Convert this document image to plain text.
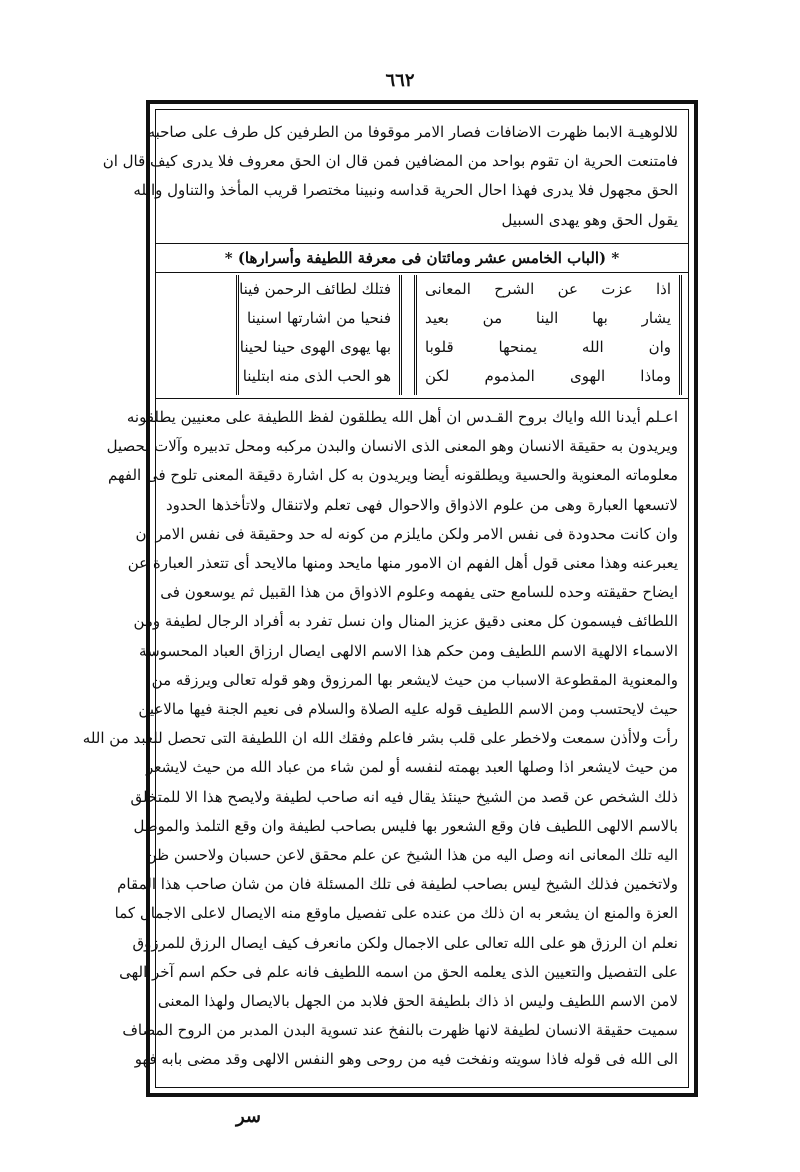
٦٦٢
للالوهيـة الابما ظهرت الاضافات فصار الامر موقوفا من الطرفين كل طرف على صاحبه
فامتنعت الحرية ان تقوم بواحد من المضافين فمن قال ان الحق معروف فلا يدرى كيف قال ان
الحق مجهول فلا يدرى فهذا احال الحرية قداسه ونبينا مختصرا قريب المأخذ والتناول والله
يقول الحق وهو يهدى السبيل
* (الباب الخامس عشر ومائتان فى معرفة اللطيفة وأسرارها) *
اذا عزت عن الشرح المعانى
يشار بها الينا من بعيد
وان الله يمنحها قلوبا
وماذا الهوى المذموم لكن
فتلك لطائف الرحمن فينا
فنحيا من اشارتها اسنينا
بها يهوى الهوى حينا لحينا
هو الحب الذى منه ابتلينا
اعـلم أيدنا الله واياك بروح القـدس ان أهل الله يطلقون لفظ اللطيفة على معنيين يطلقونه
ويريدون به حقيقة الانسان وهو المعنى الذى الانسان والبدن مركبه ومحل تدبيره وآلات تحصيل
معلوماته المعنوية والحسية ويطلقونه أيضا ويريدون به كل اشارة دقيقة المعنى تلوح فى الفهم
لاتسعها العبارة وهى من علوم الاذواق والاحوال فهى تعلم ولاتنقال ولاتأخذها الحدود
وان كانت محدودة فى نفس الامر ولكن مايلزم من كونه له حد وحقيقة فى نفس الامر أن
يعبرعنه وهذا معنى قول أهل الفهم ان الامور منها مايحد ومنها مالايحد أى تتعذر العبارة عن
ايضاح حقيقته وحده للسامع حتى يفهمه وعلوم الاذواق من هذا القبيل ثم يوسعون فى
اللطائف فيسمون كل معنى دقيق عزيز المنال وان نسل تفرد به أفراد الرجال لطيفة ومن
الاسماء الالهية الاسم اللطيف ومن حكم هذا الاسم الالهى ايصال ارزاق العباد المحسوسة
والمعنوية المقطوعة الاسباب من حيث لايشعر بها المرزوق وهو قوله تعالى ويرزقه من
حيث لايحتسب ومن الاسم اللطيف قوله عليه الصلاة والسلام فى نعيم الجنة فيها مالاعين
رأت ولاأذن سمعت ولاخطر على قلب بشر فاعلم وفقك الله ان اللطيفة التى تحصل للعبد من الله
من حيث لايشعر اذا وصلها العبد بهمته لنفسه أو لمن شاء من عباد الله من حيث لايشعر
ذلك الشخص عن قصد من الشيخ حينئذ يقال فيه انه صاحب لطيفة ولايصح هذا الا للمتخلق
بالاسم الالهى اللطيف فان وقع الشعور بها فليس بصاحب لطيفة وان وقع التلمذ والموصل
اليه تلك المعانى انه وصل اليه من هذا الشيخ عن علم محقق لاعن حسبان ولاحسن ظن
ولاتخمين فذلك الشيخ ليس بصاحب لطيفة فى تلك المسئلة فان من شان صاحب هذا المقام
العزة والمنع ان يشعر به ان ذلك من عنده على تفصيل ماوقع منه الايصال لاعلى الاجمال كما
نعلم ان الرزق هو على الله تعالى على الاجمال ولكن مانعرف كيف ايصال الرزق للمرزوق
على التفصيل والتعيين الذى يعلمه الحق من اسمه اللطيف فانه علم فى حكم اسم آخر الهى
لامن الاسم اللطيف وليس اذ ذاك بلطيفة الحق فلابد من الجهل بالايصال ولهذا المعنى
سميت حقيقة الانسان لطيفة لانها ظهرت بالنفخ عند تسوية البدن المدبر من الروح المضاف
الى الله فى قوله فاذا سويته ونفخت فيه من روحى وهو النفس الالهى وقد مضى بابه فهو
سر
